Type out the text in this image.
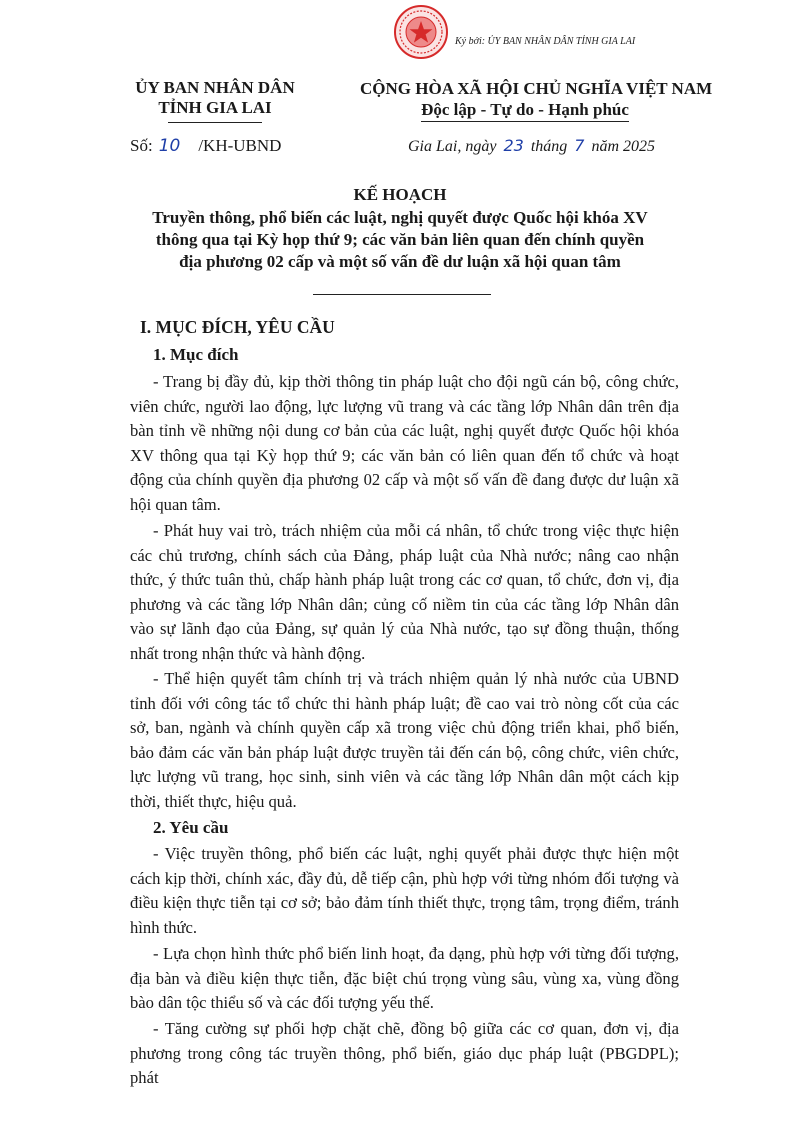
Ký bởi: ỦY BAN NHÂN DÂN TỈNH GIA LAI
ỦY BAN NHÂN DÂN
TỈNH GIA LAI
CỘNG HÒA XÃ HỘI CHỦ NGHĨA VIỆT NAM
Độc lập - Tự do - Hạnh phúc
Số: 10 /KH-UBND	Gia Lai, ngày 23 tháng 7 năm 2025
KẾ HOẠCH
Truyền thông, phổ biến các luật, nghị quyết được Quốc hội khóa XV
thông qua tại Kỳ họp thứ 9; các văn bản liên quan đến chính quyền
địa phương 02 cấp và một số vấn đề dư luận xã hội quan tâm
I. MỤC ĐÍCH, YÊU CẦU
1. Mục đích

- Trang bị đầy đủ, kịp thời thông tin pháp luật cho đội ngũ cán bộ, công chức, viên chức, người lao động, lực lượng vũ trang và các tầng lớp Nhân dân trên địa bàn tỉnh về những nội dung cơ bản của các luật, nghị quyết được Quốc hội khóa XV thông qua tại Kỳ họp thứ 9; các văn bản có liên quan đến tổ chức và hoạt động của chính quyền địa phương 02 cấp và một số vấn đề đang được dư luận xã hội quan tâm.

- Phát huy vai trò, trách nhiệm của mỗi cá nhân, tổ chức trong việc thực hiện các chủ trương, chính sách của Đảng, pháp luật của Nhà nước; nâng cao nhận thức, ý thức tuân thủ, chấp hành pháp luật trong các cơ quan, tổ chức, đơn vị, địa phương và các tầng lớp Nhân dân; củng cố niềm tin của các tầng lớp Nhân dân vào sự lãnh đạo của Đảng, sự quản lý của Nhà nước, tạo sự đồng thuận, thống nhất trong nhận thức và hành động.

- Thể hiện quyết tâm chính trị và trách nhiệm quản lý nhà nước của UBND tỉnh đối với công tác tổ chức thi hành pháp luật; đề cao vai trò nòng cốt của các sở, ban, ngành và chính quyền cấp xã trong việc chủ động triển khai, phổ biến, bảo đảm các văn bản pháp luật được truyền tải đến cán bộ, công chức, viên chức, lực lượng vũ trang, học sinh, sinh viên và các tầng lớp Nhân dân một cách kịp thời, thiết thực, hiệu quả.

2. Yêu cầu

- Việc truyền thông, phổ biến các luật, nghị quyết phải được thực hiện một cách kịp thời, chính xác, đầy đủ, dễ tiếp cận, phù hợp với từng nhóm đối tượng và điều kiện thực tiễn tại cơ sở; bảo đảm tính thiết thực, trọng tâm, trọng điểm, tránh hình thức.

- Lựa chọn hình thức phổ biến linh hoạt, đa dạng, phù hợp với từng đối tượng, địa bàn và điều kiện thực tiễn, đặc biệt chú trọng vùng sâu, vùng xa, vùng đồng bào dân tộc thiểu số và các đối tượng yếu thế.

- Tăng cường sự phối hợp chặt chẽ, đồng bộ giữa các cơ quan, đơn vị, địa phương trong công tác truyền thông, phổ biến, giáo dục pháp luật (PBGDPL); phát
